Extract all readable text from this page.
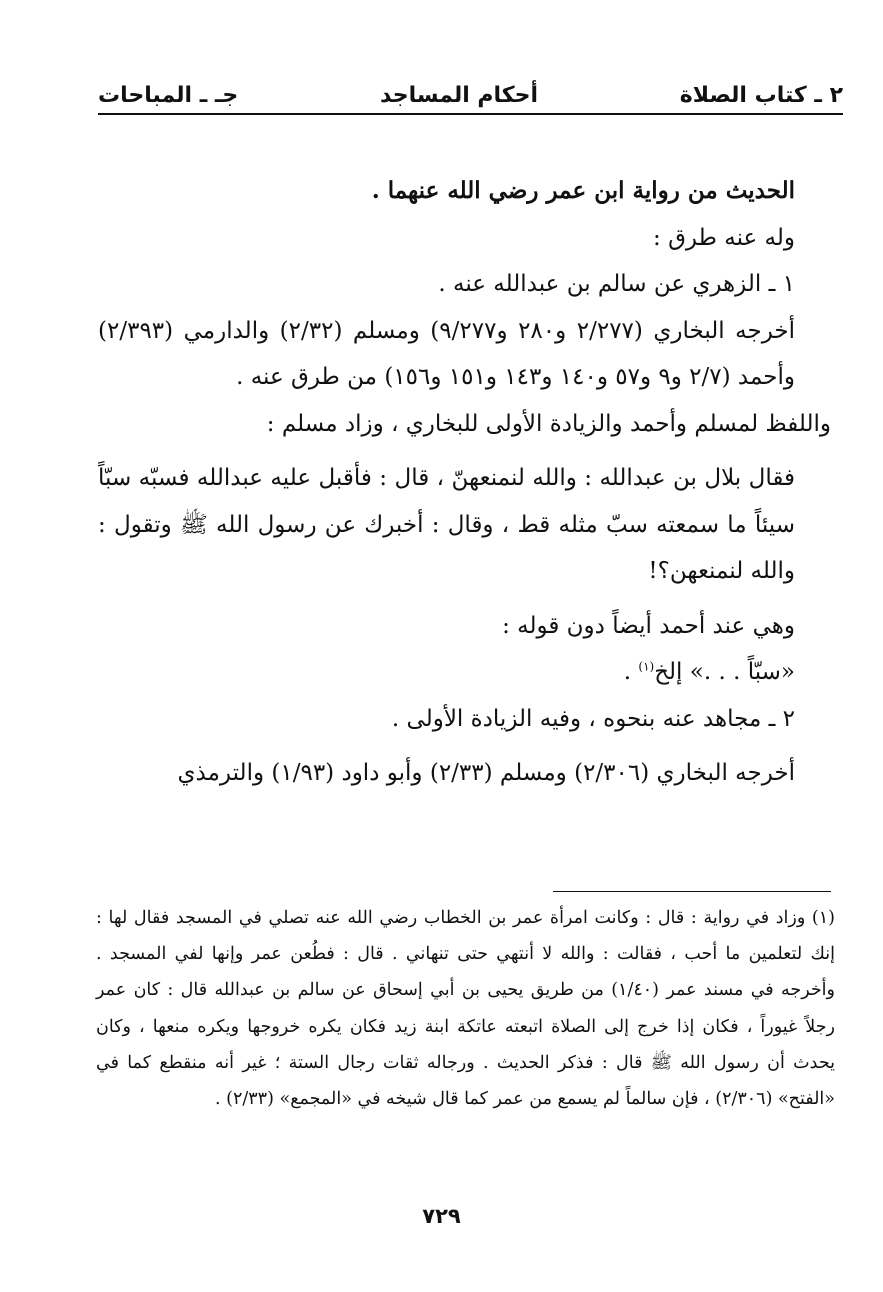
٢ ـ كتاب الصلاة
أحكام المساجد
جـ ـ المباحات

الحديث من رواية ابن عمر رضي الله عنهما .

وله عنه طرق :

١ ـ الزهري عن سالم بن عبدالله عنه .

أخرجه البخاري (٢/٢٧٧ و٢٨٠ و٩/٢٧٧) ومسلم (٢/٣٢) والدارمي (٢/٣٩٣) وأحمد (٢/٧ و٩ و٥٧ و١٤٠ و١٤٣ و١٥١ و١٥٦) من طرق عنه .

واللفظ لمسلم وأحمد والزيادة الأولى للبخاري ، وزاد مسلم :

فقال بلال بن عبدالله : والله لنمنعهنّ ، قال : فأقبل عليه عبدالله فسبّه سبّاً سيئاً ما سمعته سبّ مثله قط ، وقال : أخبرك عن رسول الله ﷺ وتقول : والله لنمنعهن؟!

وهي عند أحمد أيضاً دون قوله :

«سبّاً . . .» إلخ$^{(١)}$ .

٢ ـ مجاهد عنه بنحوه ، وفيه الزيادة الأولى .

أخرجه البخاري (٢/٣٠٦) ومسلم (٢/٣٣) وأبو داود (١/٩٣) والترمذي

(١) وزاد في رواية : قال : وكانت امرأة عمر بن الخطاب رضي الله عنه تصلي في المسجد فقال لها : إنك لتعلمين ما أحب ، فقالت : والله لا أنتهي حتى تنهاني . قال : فطُعن عمر وإنها لفي المسجد . وأخرجه في مسند عمر (١/٤٠) من طريق يحيى بن أبي إسحاق عن سالم بن عبدالله قال : كان عمر رجلاً غيوراً ، فكان إذا خرج إلى الصلاة اتبعته عاتكة ابنة زيد فكان يكره خروجها ويكره منعها ، وكان يحدث أن رسول الله ﷺ قال : فذكر الحديث . ورجاله ثقات رجال الستة ؛ غير أنه منقطع كما في «الفتح» (٢/٣٠٦) ، فإن سالماً لم يسمع من عمر كما قال شيخه في «المجمع» (٢/٣٣) .

٧٢٩
